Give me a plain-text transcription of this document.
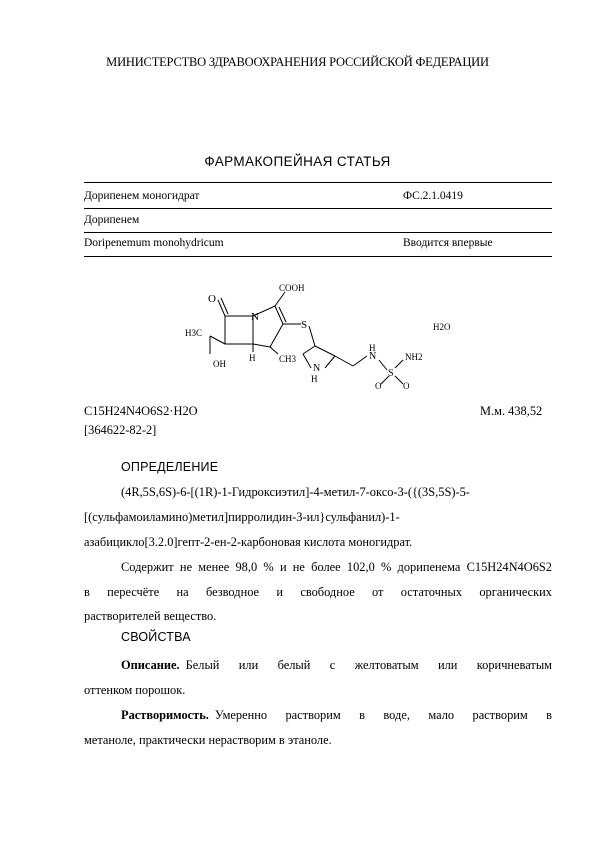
МИНИСТЕРСТВО ЗДРАВООХРАНЕНИЯ РОССИЙСКОЙ ФЕДЕРАЦИИ
ФАРМАКОПЕЙНАЯ СТАТЬЯ
Дорипенем моногидрат	ФС.2.1.0419
Дорипенем
Doripenemum monohydricum	Вводится впервые
O
N
COOH
S
H3C
OH
H	CH3
N
H
N
H
S
O O
NH2
H2O
C15H24N4O6S2·H2O	М.м. 438,52
[364622-82-2]
ОПРЕДЕЛЕНИЕ
(4R,5S,6S)-6-[(1R)-1-Гидроксиэтил]-4-метил-7-оксо-3-({(3S,5S)-5-
[(сульфамоиламино)метил]пирролидин-3-ил}сульфанил)-1-
азабицикло[3.2.0]гепт-2-ен-2-карбоновая кислота моногидрат.
Содержит не менее 98,0 % и не более 102,0 % дорипенема C15H24N4O6S2
в пересчёте на безводное и свободное от остаточных органических
растворителей вещество.
СВОЙСТВА
Описание. Белый или белый с желтоватым или коричневатым
оттенком порошок.
Растворимость. Умеренно растворим в воде, мало растворим в
метаноле, практически нерастворим в этаноле.
